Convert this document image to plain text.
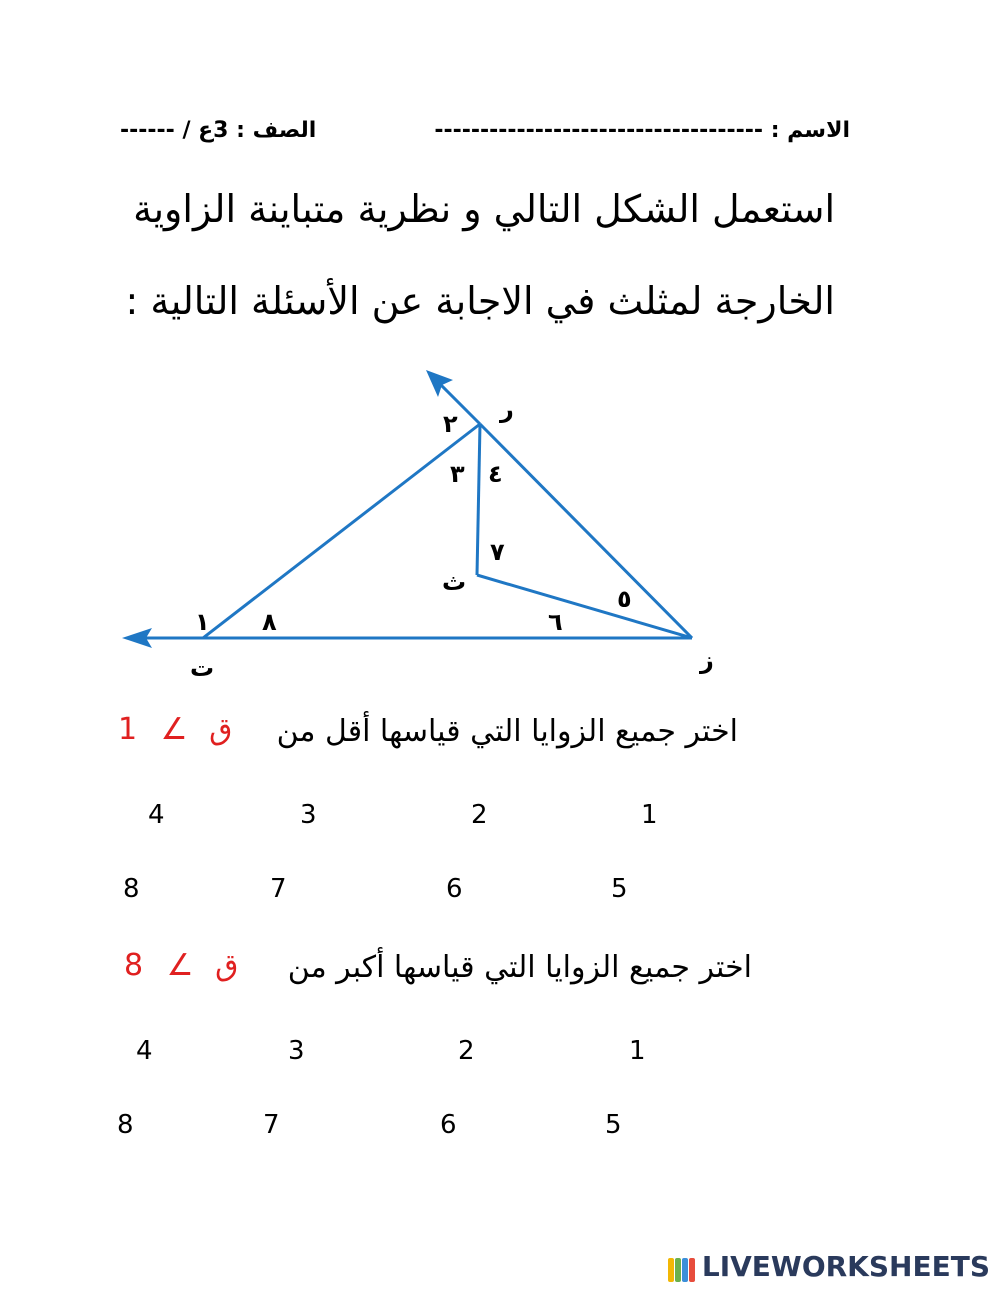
الاسم : ------------------------------------
الصف : 3ع / ------
استعمل الشكل التالي و نظرية متباينة الزاوية
الخارجة لمثلث في الاجابة عن الأسئلة التالية :
ر
ت	ز
ث
١
٢
٣ ٤
٥
٦
٧
٨
اختر جميع الزوايا التي قياسها أقل من
1 ∠ ق
4	3	2	1
8	7	6	5
اختر جميع الزوايا التي قياسها أكبر من
8 ∠ ق
4	3	2	1
8	7	6	5
LIVEWORKSHEETS
